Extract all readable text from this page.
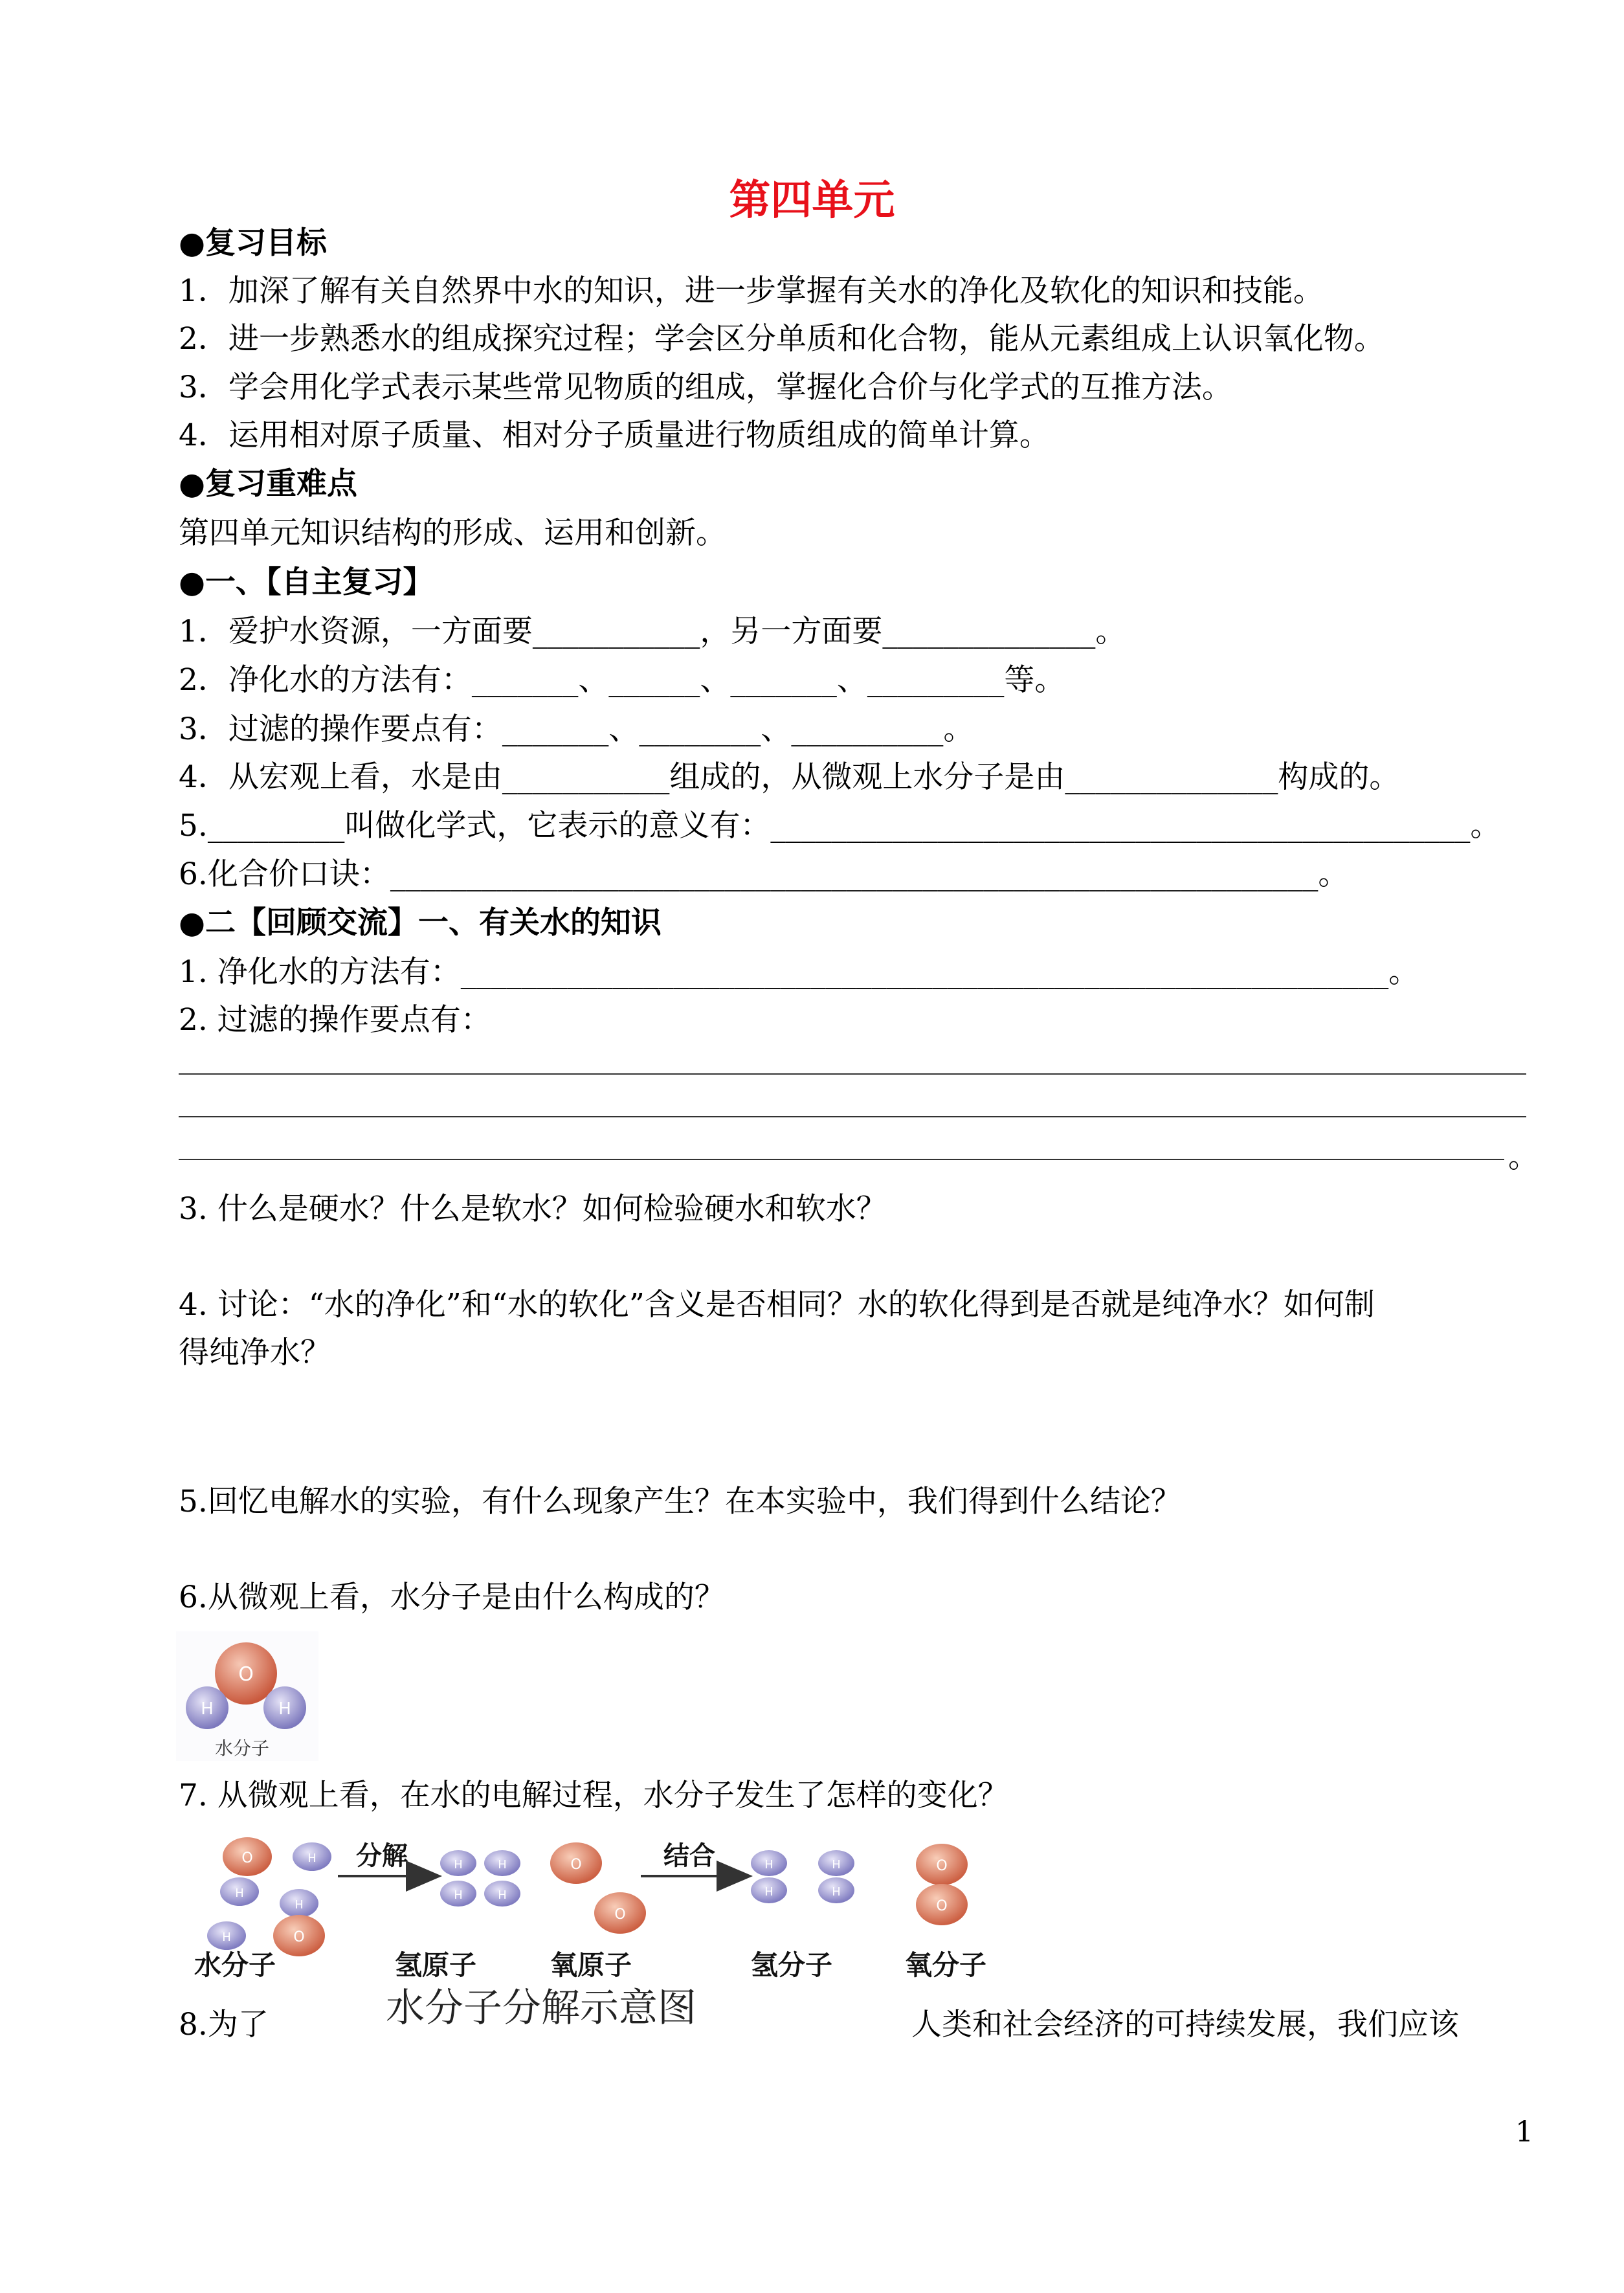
第四单元
●复习目标
1．加深了解有关自然界中水的知识，进一步掌握有关水的净化及软化的知识和技能。
2．进一步熟悉水的组成探究过程；学会区分单质和化合物，能从元素组成上认识氧化物。
3．学会用化学式表示某些常见物质的组成，掌握化合价与化学式的互推方法。
4．运用相对原子质量、相对分子质量进行物质组成的简单计算。
●复习重难点
第四单元知识结构的形成、运用和创新。
●一、【自主复习】
1．爱护水资源，一方面要___________，另一方面要______________。
2．净化水的方法有：_______、______、_______、_________等。
3．过滤的操作要点有：_______、________、__________。
4．从宏观上看，水是由___________组成的，从微观上水分子是由______________构成的。
5._________叫做化学式，它表示的意义有：______________________________________________。
6.化合价口诀：_____________________________________________________________。
●二【回顾交流】一、有关水的知识
1. 净化水的方法有：_____________________________________________________________。
2. 过滤的操作要点有：
。
3. 什么是硬水？什么是软水？如何检验硬水和软水？
4. 讨论：“水的净化”和“水的软化”含义是否相同？水的软化得到是否就是纯净水？如何制
得纯净水？
5.回忆电解水的实验，有什么现象产生？在本实验中，我们得到什么结论？
6.从微观上看，水分子是由什么构成的？
O
H	H
水分子
7. 从微观上看，在水的电解过程，水分子发生了怎样的变化？
O	H
H
H
H	O
分解	H	H
H	H
O
O
结合	H
H
H
H
O
O
水分子	氢原子	氧原子	氢分子	氧分子
8.为了	水分子分解示意图	人类和社会经济的可持续发展，我们应该
1
